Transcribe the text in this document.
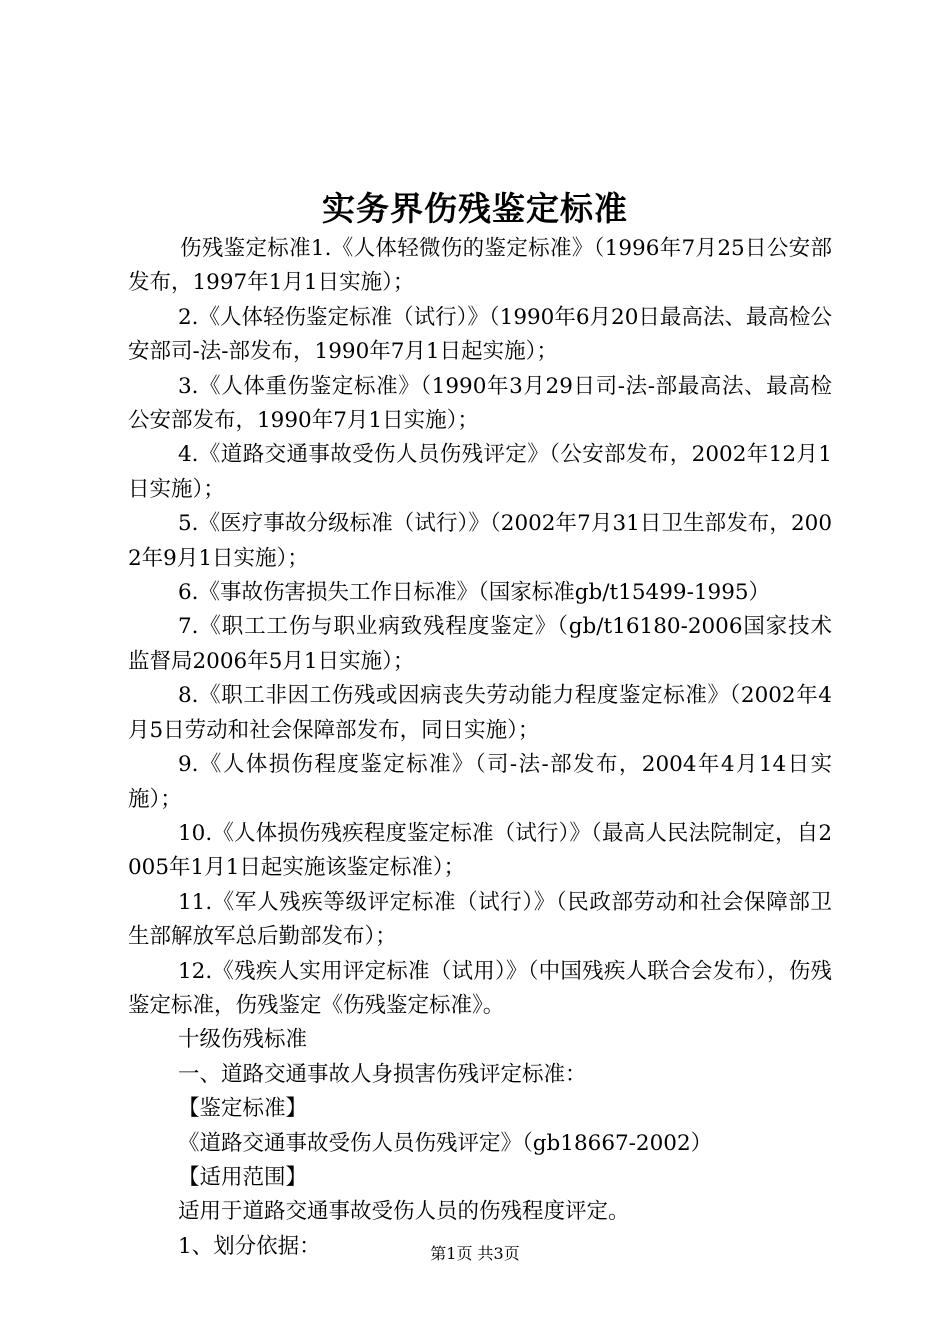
实务界伤残鉴定标准

伤残鉴定标准1.《人体轻微伤的鉴定标准》（1996年7月25日公安部发布，1997年1月1日实施）；

2.《人体轻伤鉴定标准（试行）》（1990年6月20日最高法、最高检公安部司-法-部发布，1990年7月1日起实施）；

3.《人体重伤鉴定标准》（1990年3月29日司-法-部最高法、最高检公安部发布，1990年7月1日实施）；

4.《道路交通事故受伤人员伤残评定》（公安部发布，2002年12月1日实施）；

5.《医疗事故分级标准（试行）》（2002年7月31日卫生部发布，2002年9月1日实施）；

6.《事故伤害损失工作日标准》（国家标准gb/t15499-1995）

7.《职工工伤与职业病致残程度鉴定》（gb/t16180-2006国家技术监督局2006年5月1日实施）；

8.《职工非因工伤残或因病丧失劳动能力程度鉴定标准》（2002年4月5日劳动和社会保障部发布，同日实施）；

9.《人体损伤程度鉴定标准》（司-法-部发布，2004年4月14日实施）；

10.《人体损伤残疾程度鉴定标准（试行）》（最高人民法院制定，自2005年1月1日起实施该鉴定标准）；

11.《军人残疾等级评定标准（试行）》（民政部劳动和社会保障部卫生部解放军总后勤部发布）；

12.《残疾人实用评定标准（试用）》（中国残疾人联合会发布），伤残鉴定标准，伤残鉴定《伤残鉴定标准》。

十级伤残标准

一、道路交通事故人身损害伤残评定标准：

【鉴定标准】

《道路交通事故受伤人员伤残评定》（gb18667-2002）

【适用范围】

适用于道路交通事故受伤人员的伤残程度评定。

1、划分依据：	第1页 共3页
